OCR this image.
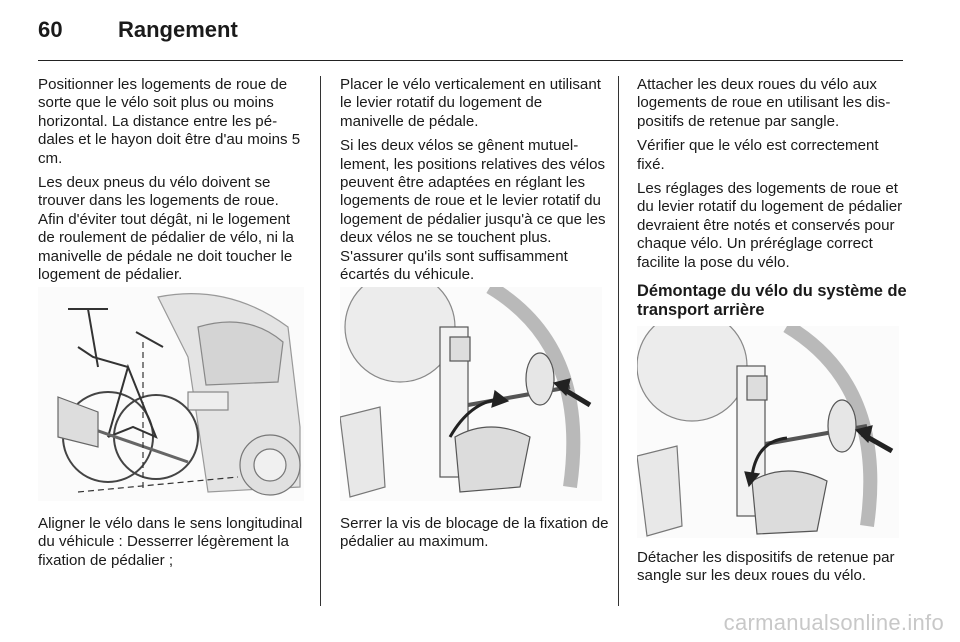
60	Rangement

Positionner les logements de roue de sorte que le vélo soit plus ou moins horizontal. La distance entre les pédales et le hayon doit être d'au moins 5 cm.

Les deux pneus du vélo doivent se trouver dans les logements de roue. Afin d'éviter tout dégât, ni le logement de roulement de pédalier de vélo, ni la manivelle de pédale ne doit toucher le logement de pédalier.

Aligner le vélo dans le sens longitudinal du véhicule : Desserrer légèrement la fixation de pédalier ;

Placer le vélo verticalement en utilisant le levier rotatif du logement de manivelle de pédale.

Si les deux vélos se gênent mutuellement, les positions relatives des vélos peuvent être adaptées en réglant les logements de roue et le levier rotatif du logement de pédalier jusqu'à ce que les deux vélos ne se touchent plus. S'assurer qu'ils sont suffisamment écartés du véhicule.

Serrer la vis de blocage de la fixation de pédalier au maximum.

Attacher les deux roues du vélo aux logements de roue en utilisant les dispositifs de retenue par sangle.

Vérifier que le vélo est correctement fixé.

Les réglages des logements de roue et du levier rotatif du logement de pédalier devraient être notés et conservés pour chaque vélo. Un préréglage correct facilite la pose du vélo.

Démontage du vélo du système de transport arrière

Détacher les dispositifs de retenue par sangle sur les deux roues du vélo.

carmanualsonline.info
